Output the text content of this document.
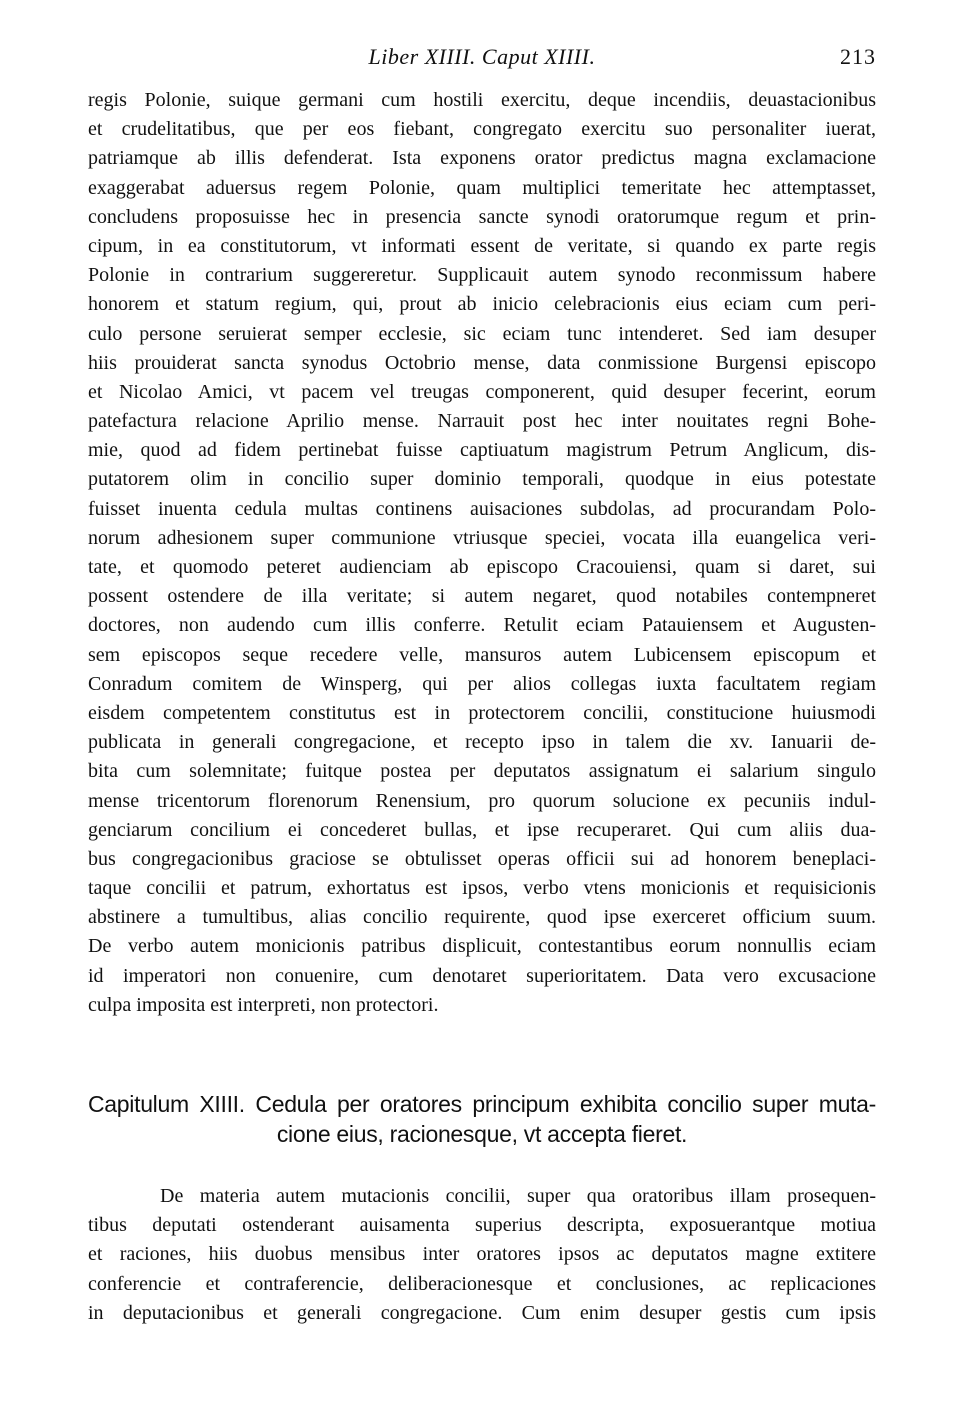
Liber XIIII. Caput XIIII.	213
regis Polonie, suique germani cum hostili exercitu, deque incendiis, deuastacionibus
et crudelitatibus, que per eos fiebant, congregato exercitu suo personaliter iuerat,
patriamque ab illis defenderat. Ista exponens orator predictus magna exclamacione
exaggerabat aduersus regem Polonie, quam multiplici temeritate hec attemptasset,
concludens proposuisse hec in presencia sancte synodi oratorumque regum et prin-
cipum, in ea constitutorum, vt informati essent de veritate, si quando ex parte regis
Polonie in contrarium suggereretur. Supplicauit autem synodo reconmissum habere
honorem et statum regium, qui, prout ab inicio celebracionis eius eciam cum peri-
culo persone seruierat semper ecclesie, sic eciam tunc intenderet. Sed iam desuper
hiis prouiderat sancta synodus Octobrio mense, data conmissione Burgensi episcopo
et Nicolao Amici, vt pacem vel treugas componerent, quid desuper fecerint, eorum
patefactura relacione Aprilio mense. Narrauit post hec inter nouitates regni Bohe-
mie, quod ad fidem pertinebat fuisse captiuatum magistrum Petrum Anglicum, dis-
putatorem olim in concilio super dominio temporali, quodque in eius potestate
fuisset inuenta cedula multas continens auisaciones subdolas, ad procurandam Polo-
norum adhesionem super communione vtriusque speciei, vocata illa euangelica veri-
tate, et quomodo peteret audienciam ab episcopo Cracouiensi, quam si daret, sui
possent ostendere de illa veritate; si autem negaret, quod notabiles contempneret
doctores, non audendo cum illis conferre. Retulit eciam Patauiensem et Augusten-
sem episcopos seque recedere velle, mansuros autem Lubicensem episcopum et
Conradum comitem de Winsperg, qui per alios collegas iuxta facultatem regiam
eisdem competentem constitutus est in protectorem concilii, constitucione huiusmodi
publicata in generali congregacione, et recepto ipso in talem die xv. Ianuarii de-
bita cum solemnitate; fuitque postea per deputatos assignatum ei salarium singulo
mense tricentorum florenorum Renensium, pro quorum solucione ex pecuniis indul-
genciarum concilium ei concederet bullas, et ipse recuperaret. Qui cum aliis dua-
bus congregacionibus graciose se obtulisset operas officii sui ad honorem beneplaci-
taque concilii et patrum, exhortatus est ipsos, verbo vtens monicionis et requisicionis
abstinere a tumultibus, alias concilio requirente, quod ipse exerceret officium suum.
De verbo autem monicionis patribus displicuit, contestantibus eorum nonnullis eciam
id imperatori non conuenire, cum denotaret superioritatem. Data vero excusacione
culpa imposita est interpreti, non protectori.
Capitulum XIIII. Cedula per oratores principum exhibita concilio super muta-
cione eius, racionesque, vt accepta fieret.
De materia autem mutacionis concilii, super qua oratoribus illam prosequen-
tibus deputati ostenderant auisamenta superius descripta, exposuerantque motiua
et raciones, hiis duobus mensibus inter oratores ipsos ac deputatos magne extitere
conferencie et contraferencie, deliberacionesque et conclusiones, ac replicaciones
in deputacionibus et generali congregacione. Cum enim desuper gestis cum ipsis
